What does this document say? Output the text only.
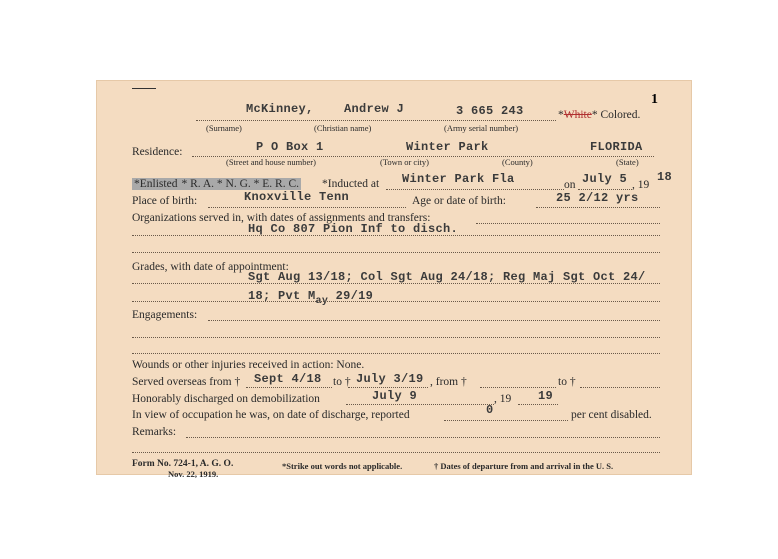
1
McKinney,	Andrew J	3 665 243	*White* Colored.
(Surname)	(Christian name)	(Army serial number)
Residence:	P O Box 1	Winter Park	FLORIDA
(Street and house number)	(Town or city)	(County)	(State)
*Enlisted * R. A. * N. G. * E. R. C. *Inducted at Winter Park Fla	on July 5 , 19
18
Place of birth:	Knoxville Tenn	Age or date of birth:	25 2/12 yrs
Organizations served in, with dates of assignments and transfers:
Hq Co 807 Pion Inf to disch.
Grades, with date of appointment:
Sgt Aug 13/18; Col Sgt Aug 24/18; Reg Maj Sgt Oct 24/
18; Pvt $M_{ay}$ 29/19
Engagements:
Wounds or other injuries received in action: None.
Served overseas from † Sept 4/18 to † July 3/19 , from †	to †
Honorably discharged on demobilization	July 9	, 19 19
In view of occupation he was, on date of discharge, reported	0	per cent disabled.
Remarks:
Form No. 724-1, A. G. O.
Nov. 22, 1919.
*Strike out words not applicable.	† Dates of departure from and arrival in the U. S.
